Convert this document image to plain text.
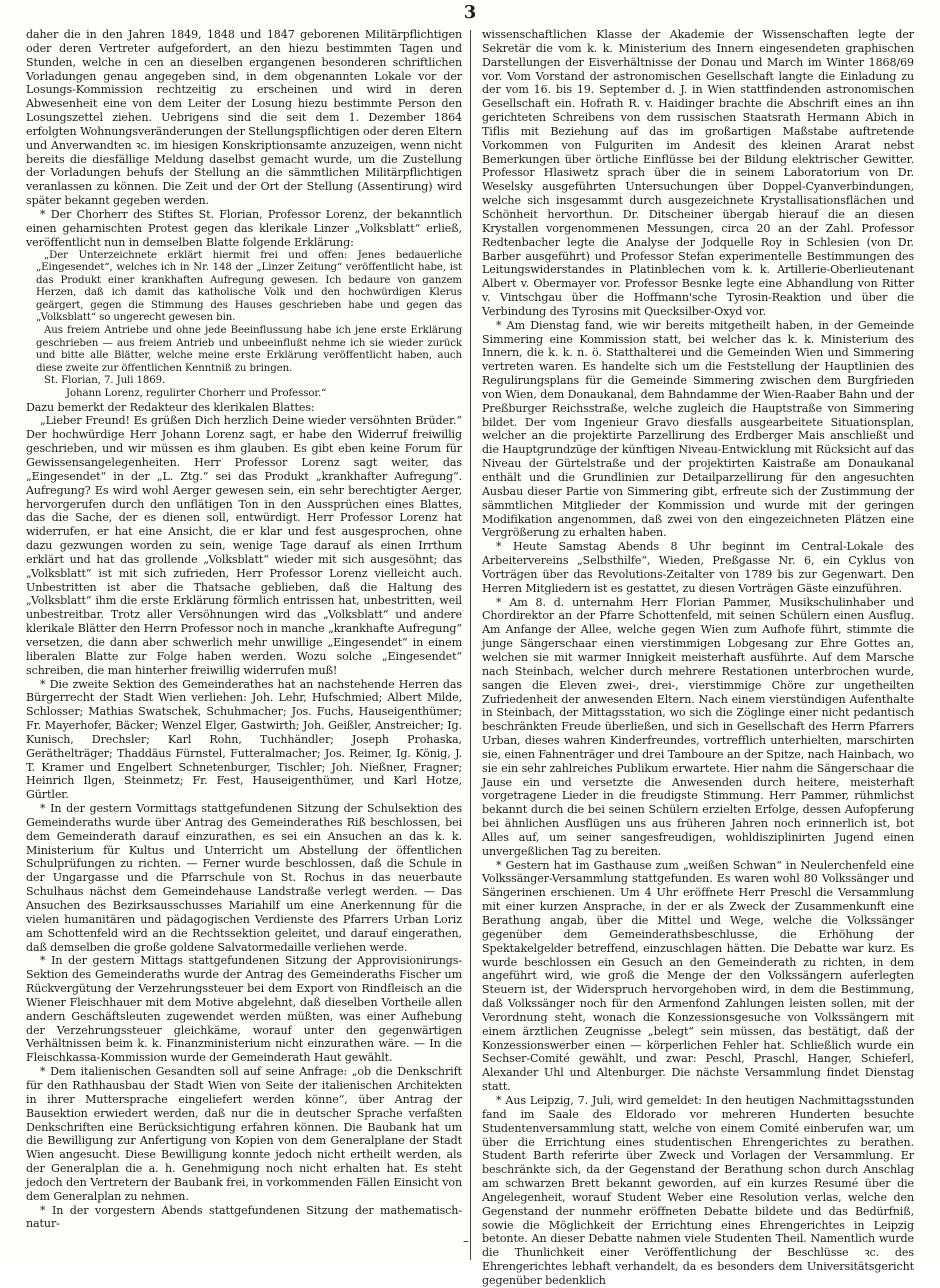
3

daher die in den Jahren 1849, 1848 und 1847 geborenen Militärpflichtigen oder deren Vertreter aufgefordert, an den hiezu bestimmten Tagen und Stunden, welche in cen an dieselben ergangenen besonderen schriftlichen Vorladungen genau angegeben sind, in dem obgenannten Lokale vor der Losungs-Kommission rechtzeitig zu erscheinen und wird in deren Abwesenheit eine von dem Leiter der Losung hiezu bestimmte Person den Losungszettel ziehen. Uebrigens sind die seit dem 1. Dezember 1864 erfolgten Wohnungsveränderungen der Stellungspflichtigen oder deren Eltern und Anverwandten ꝛc. im hiesigen Konskriptionsamte anzuzeigen, wenn nicht bereits die diesfällige Meldung daselbst gemacht wurde, um die Zustellung der Vorladungen behufs der Stellung an die sämmtlichen Militärpflichtigen veranlassen zu können. Die Zeit und der Ort der Stellung (Assentirung) wird später bekannt gegeben werden.

* Der Chorherr des Stiftes St. Florian, Professor Lorenz, der bekanntlich einen geharnischten Protest gegen das klerikale Linzer „Volksblatt“ erließ, veröffentlicht nun in demselben Blatte folgende Erklärung:

„Der Unterzeichnete erklärt hiermit frei und offen: Jenes bedauerliche „Eingesendet“, welches ich in Nr. 148 der „Linzer Zeitung“ veröffentlicht habe, ist das Produkt einer krankhaften Aufregung gewesen. Ich bedaure von ganzem Herzen, daß ich damit das katholische Volk und den hochwürdigen Klerus geärgert, gegen die Stimmung des Hauses geschrieben habe und gegen das „Volksblatt“ so ungerecht gewesen bin.

Aus freiem Antriebe und ohne jede Beeinflussung habe ich jene erste Erklärung geschrieben — aus freiem Antrieb und unbeeinflußt nehme ich sie wieder zurück und bitte alle Blätter, welche meine erste Erklärung veröffentlicht haben, auch diese zweite zur öffentlichen Kenntniß zu bringen.

St. Florian, 7. Juli 1869.

Johann Lorenz, regulirter Chorherr und Professor.“

Dazu bemerkt der Redakteur des klerikalen Blattes:

„Lieber Freund! Es grüßen Dich herzlich Deine wieder versöhnten Brüder.“ Der hochwürdige Herr Johann Lorenz sagt, er habe den Widerruf freiwillig geschrieben, und wir müssen es ihm glauben. Es gibt eben keine Forum für Gewissensangelegenheiten. Herr Professor Lorenz sagt weiter, das „Eingesendet“ in der „L. Ztg.“ sei das Produkt „krankhafter Aufregung“. Aufregung? Es wird wohl Aerger gewesen sein, ein sehr berechtigter Aerger, hervorgerufen durch den unflätigen Ton in den Aussprüchen eines Blattes, das die Sache, der es dienen soll, entwürdigt. Herr Professor Lorenz hat widerrufen, er hat eine Ansicht, die er klar und fest ausgesprochen, ohne dazu gezwungen worden zu sein, wenige Tage darauf als einen Irrthum erklärt und hat das grollende „Volksblatt“ wieder mit sich ausgesöhnt; das „Volksblatt“ ist mit sich zufrieden, Herr Professor Lorenz vielleicht auch. Unbestritten ist aber die Thatsache geblieben, daß die Haltung des „Volksblatt“ ihm die erste Erklärung förmlich entrissen hat, unbestritten, weil unbestreitbar. Trotz aller Versöhnungen wird das „Volksblatt“ und andere klerikale Blätter den Herrn Professor noch in manche „krankhafte Aufregung“ versetzen, die dann aber schwerlich mehr unwillige „Eingesendet“ in einem liberalen Blatte zur Folge haben werden. Wozu solche „Eingesendet“ schreiben, die man hinterher freiwillig widerrufen muß!

* Die zweite Sektion des Gemeinderathes hat an nachstehende Herren das Bürgerrecht der Stadt Wien verliehen: Joh. Lehr, Hufschmied; Albert Milde, Schlosser; Mathias Swatschek, Schuhmacher; Jos. Fuchs, Hauseigenthümer; Fr. Mayerhofer, Bäcker; Wenzel Elger, Gastwirth; Joh. Geißler, Anstreicher; Ig. Kunisch, Drechsler; Karl Rohn, Tuchhändler; Joseph Prohaska, Geräthelträger; Thaddäus Fürnstel, Futteralmacher; Jos. Reimer, Ig. König, J. T. Kramer und Engelbert Schnetenburger, Tischler; Joh. Nießner, Fragner; Heinrich Ilgen, Steinmetz; Fr. Fest, Hauseigenthümer, und Karl Hotze, Gürtler.

* In der gestern Vormittags stattgefundenen Sitzung der Schulsektion des Gemeinderaths wurde über Antrag des Gemeinderathes Riß beschlossen, bei dem Gemeinderath darauf einzurathen, es sei ein Ansuchen an das k. k. Ministerium für Kultus und Unterricht um Abstellung der öffentlichen Schulprüfungen zu richten. — Ferner wurde beschlossen, daß die Schule in der Ungargasse und die Pfarrschule von St. Rochus in das neuerbaute Schulhaus nächst dem Gemeindehause Landstraße verlegt werden. — Das Ansuchen des Bezirksausschusses Mariahilf um eine Anerkennung für die vielen humanitären und pädagogischen Verdienste des Pfarrers Urban Loriz am Schottenfeld wird an die Rechtssektion geleitet, und darauf eingerathen, daß demselben die große goldene Salvatormedaille verliehen werde.

* In der gestern Mittags stattgefundenen Sitzung der Approvisionirungs-Sektion des Gemeinderaths wurde der Antrag des Gemeinderaths Fischer um Rückvergütung der Verzehrungssteuer bei dem Export von Rindfleisch an die Wiener Fleischhauer mit dem Motive abgelehnt, daß dieselben Vortheile allen andern Geschäftsleuten zugewendet werden müßten, was einer Aufhebung der Verzehrungssteuer gleichkäme, worauf unter den gegenwärtigen Verhältnissen beim k. k. Finanzministerium nicht einzurathen wäre. — In die Fleischkassa-Kommission wurde der Gemeinderath Haut gewählt.

* Dem italienischen Gesandten soll auf seine Anfrage: „ob die Denkschrift für den Rathhausbau der Stadt Wien von Seite der italienischen Architekten in ihrer Muttersprache eingeliefert werden könne“, über Antrag der Bausektion erwiedert werden, daß nur die in deutscher Sprache verfaßten Denkschriften eine Berücksichtigung erfahren können. Die Baubank hat um die Bewilligung zur Anfertigung von Kopien von dem Generalplane der Stadt Wien angesucht. Diese Bewilligung konnte jedoch nicht ertheilt werden, als der Generalplan die a. h. Genehmigung noch nicht erhalten hat. Es steht jedoch den Vertretern der Baubank frei, in vorkommenden Fällen Einsicht von dem Generalplan zu nehmen.

* In der vorgestern Abends stattgefundenen Sitzung der mathematisch-natur-

wissenschaftlichen Klasse der Akademie der Wissenschaften legte der Sekretär die vom k. k. Ministerium des Innern eingesendeten graphischen Darstellungen der Eisverhältnisse der Donau und March im Winter 1868/69 vor. Vom Vorstand der astronomischen Gesellschaft langte die Einladung zu der vom 16. bis 19. September d. J. in Wien stattfindenden astronomischen Gesellschaft ein. Hofrath R. v. Haidinger brachte die Abschrift eines an ihn gerichteten Schreibens von dem russischen Staatsrath Hermann Abich in Tiflis mit Beziehung auf das im großartigen Maßstabe auftretende Vorkommen von Fulguriten im Andesit des kleinen Ararat nebst Bemerkungen über örtliche Einflüsse bei der Bildung elektrischer Gewitter. Professor Hlasiwetz sprach über die in seinem Laboratorium von Dr. Weselsky ausgeführten Untersuchungen über Doppel-Cyanverbindungen, welche sich insgesammt durch ausgezeichnete Krystallisationsflächen und Schönheit hervorthun. Dr. Ditscheiner übergab hierauf die an diesen Krystallen vorgenommenen Messungen, circa 20 an der Zahl. Professor Redtenbacher legte die Analyse der Jodquelle Roy in Schlesien (von Dr. Barber ausgeführt) und Professor Stefan experimentelle Bestimmungen des Leitungswiderstandes in Platinblechen vom k. k. Artillerie-Oberlieutenant Albert v. Obermayer vor. Professor Besnke legte eine Abhandlung von Ritter v. Vintschgau über die Hoffmann'sche Tyrosin-Reaktion und über die Verbindung des Tyrosins mit Quecksilber-Oxyd vor.

* Am Dienstag fand, wie wir bereits mitgetheilt haben, in der Gemeinde Simmering eine Kommission statt, bei welcher das k. k. Ministerium des Innern, die k. k. n. ö. Statthalterei und die Gemeinden Wien und Simmering vertreten waren. Es handelte sich um die Feststellung der Hauptlinien des Regulirungsplans für die Gemeinde Simmering zwischen dem Burgfrieden von Wien, dem Donaukanal, dem Bahndamme der Wien-Raaber Bahn und der Preßburger Reichsstraße, welche zugleich die Hauptstraße von Simmering bildet. Der vom Ingenieur Gravo diesfalls ausgearbeitete Situationsplan, welcher an die projektirte Parzellirung des Erdberger Mais anschließt und die Hauptgrundzüge der künftigen Niveau-Entwicklung mit Rücksicht auf das Niveau der Gürtelstraße und der projektirten Kaistraße am Donaukanal enthält und die Grundlinien zur Detailparzellirung für den angesuchten Ausbau dieser Partie von Simmering gibt, erfreute sich der Zustimmung der sämmtlichen Mitglieder der Kommission und wurde mit der geringen Modifikation angenommen, daß zwei von den eingezeichneten Plätzen eine Vergrößerung zu erhalten haben.

* Heute Samstag Abends 8 Uhr beginnt im Central-Lokale des Arbeitervereins „Selbsthilfe“, Wieden, Preßgasse Nr. 6, ein Cyklus von Vorträgen über das Revolutions-Zeitalter von 1789 bis zur Gegenwart. Den Herren Mitgliedern ist es gestattet, zu diesen Vorträgen Gäste einzuführen.

* Am 8. d. unternahm Herr Florian Pammer, Musikschulinhaber und Chordirektor an der Pfarre Schottenfeld, mit seinen Schülern einen Ausflug. Am Anfange der Allee, welche gegen Wien zum Aufhofe führt, stimmte die junge Sängerschaar einen vierstimmigen Lobgesang zur Ehre Gottes an, welchen sie mit warmer Innigkeit meisterhaft ausführte. Auf dem Marsche nach Steinbach, welcher durch mehrere Restationen unterbrochen wurde, sangen die Eleven zwei-, drei-, vierstimmige Chöre zur ungetheilten Zufriedenheit der anwesenden Eltern. Nach einem vierstündigen Aufenthalte in Steinbach, der Mittagsstation, wo sich die Zöglinge einer nicht pedantisch beschränkten Freude überließen, und sich in Gesellschaft des Herrn Pfarrers Urban, dieses wahren Kinderfreundes, vortrefflich unterhielten, marschirten sie, einen Fahnenträger und drei Tamboure an der Spitze, nach Hainbach, wo sie ein sehr zahlreiches Publikum erwartete. Hier nahm die Sängerschaar die Jause ein und versetzte die Anwesenden durch heitere, meisterhaft vorgetragene Lieder in die freudigste Stimmung. Herr Pammer, rühmlichst bekannt durch die bei seinen Schülern erzielten Erfolge, dessen Aufopferung bei ähnlichen Ausflügen uns aus früheren Jahren noch erinnerlich ist, bot Alles auf, um seiner sangesfreudigen, wohldisziplinirten Jugend einen unvergeßlichen Tag zu bereiten.

* Gestern hat im Gasthause zum „weißen Schwan“ in Neulerchenfeld eine Volkssänger-Versammlung stattgefunden. Es waren wohl 80 Volkssänger und Sängerinen erschienen. Um 4 Uhr eröffnete Herr Preschl die Versammlung mit einer kurzen Ansprache, in der er als Zweck der Zusammenkunft eine Berathung angab, über die Mittel und Wege, welche die Volkssänger gegenüber dem Gemeinderathsbeschlusse, die Erhöhung der Spektakelgelder betreffend, einzuschlagen hätten. Die Debatte war kurz. Es wurde beschlossen ein Gesuch an den Gemeinderath zu richten, in dem angeführt wird, wie groß die Menge der den Volkssängern auferlegten Steuern ist, der Widerspruch hervorgehoben wird, in dem die Bestimmung, daß Volkssänger noch für den Armenfond Zahlungen leisten sollen, mit der Verordnung steht, wonach die Konzessionsgesuche von Volkssängern mit einem ärztlichen Zeugnisse „belegt“ sein müssen, das bestätigt, daß der Konzessionswerber einen — körperlichen Fehler hat. Schließlich wurde ein Sechser-Comité gewählt, und zwar: Peschl, Praschl, Hanger, Schieferl, Alexander Uhl und Altenburger. Die nächste Versammlung findet Dienstag statt.

* Aus Leipzig, 7. Juli, wird gemeldet: In den heutigen Nachmittagsstunden fand im Saale des Eldorado vor mehreren Hunderten besuchte Studentenversammlung statt, welche von einem Comité einberufen war, um über die Errichtung eines studentischen Ehrengerichtes zu berathen. Student Barth referirte über Zweck und Vorlagen der Versammlung. Er beschränkte sich, da der Gegenstand der Berathung schon durch Anschlag am schwarzen Brett bekannt geworden, auf ein kurzes Resumé über die Angelegenheit, worauf Student Weber eine Resolution verlas, welche den Gegenstand der nunmehr eröffneten Debatte bildete und das Bedürfniß, sowie die Möglichkeit der Errichtung eines Ehrengerichtes in Leipzig betonte. An dieser Debatte nahmen viele Studenten Theil. Namentlich wurde die Thunlichkeit einer Veröffentlichung der Beschlüsse ꝛc. des Ehrengerichtes lebhaft verhandelt, da es besonders dem Universitätsgericht gegenüber bedenklich

–
